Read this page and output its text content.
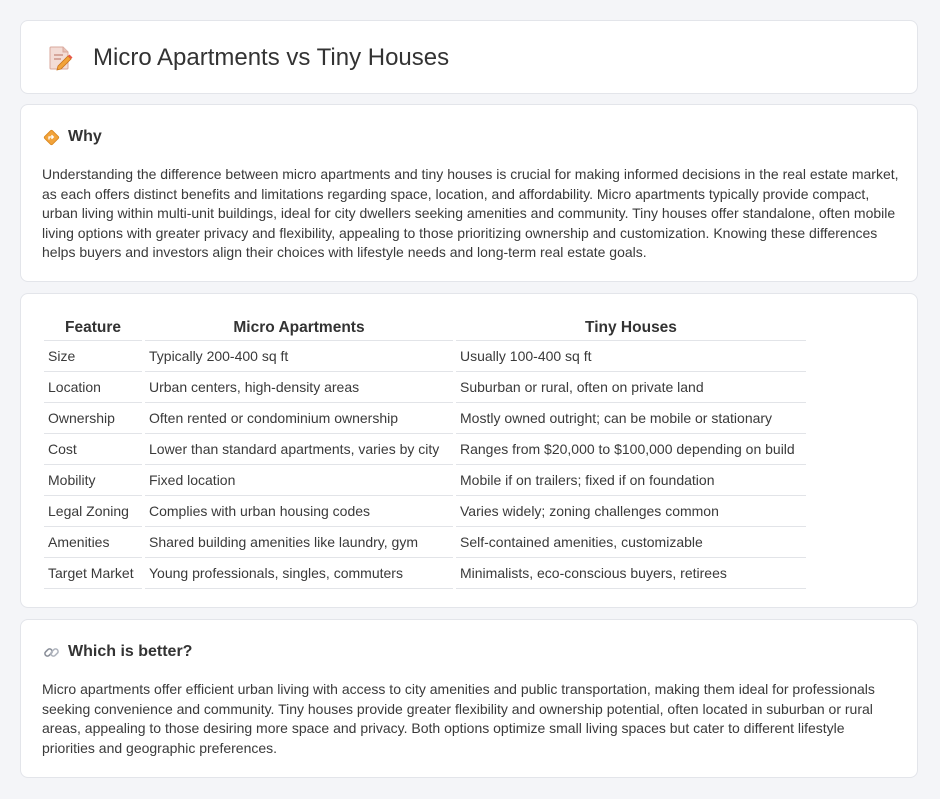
Micro Apartments vs Tiny Houses
Why

Understanding the difference between micro apartments and tiny houses is crucial for making informed decisions in the real estate market, as each offers distinct benefits and limitations regarding space, location, and affordability. Micro apartments typically provide compact, urban living within multi-unit buildings, ideal for city dwellers seeking amenities and community. Tiny houses offer standalone, often mobile living options with greater privacy and flexibility, appealing to those prioritizing ownership and customization. Knowing these differences helps buyers and investors align their choices with lifestyle needs and long-term real estate goals.

Feature	Micro Apartments	Tiny Houses
Size	Typically 200-400 sq ft	Usually 100-400 sq ft
Location	Urban centers, high-density areas	Suburban or rural, often on private land
Ownership	Often rented or condominium ownership	Mostly owned outright; can be mobile or stationary
Cost	Lower than standard apartments, varies by city	Ranges from $20,000 to $100,000 depending on build
Mobility	Fixed location	Mobile if on trailers; fixed if on foundation
Legal Zoning	Complies with urban housing codes	Varies widely; zoning challenges common
Amenities	Shared building amenities like laundry, gym	Self-contained amenities, customizable
Target Market	Young professionals, singles, commuters	Minimalists, eco-conscious buyers, retirees
Which is better?

Micro apartments offer efficient urban living with access to city amenities and public transportation, making them ideal for professionals seeking convenience and community. Tiny houses provide greater flexibility and ownership potential, often located in suburban or rural areas, appealing to those desiring more space and privacy. Both options optimize small living spaces but cater to different lifestyle priorities and geographic preferences.
